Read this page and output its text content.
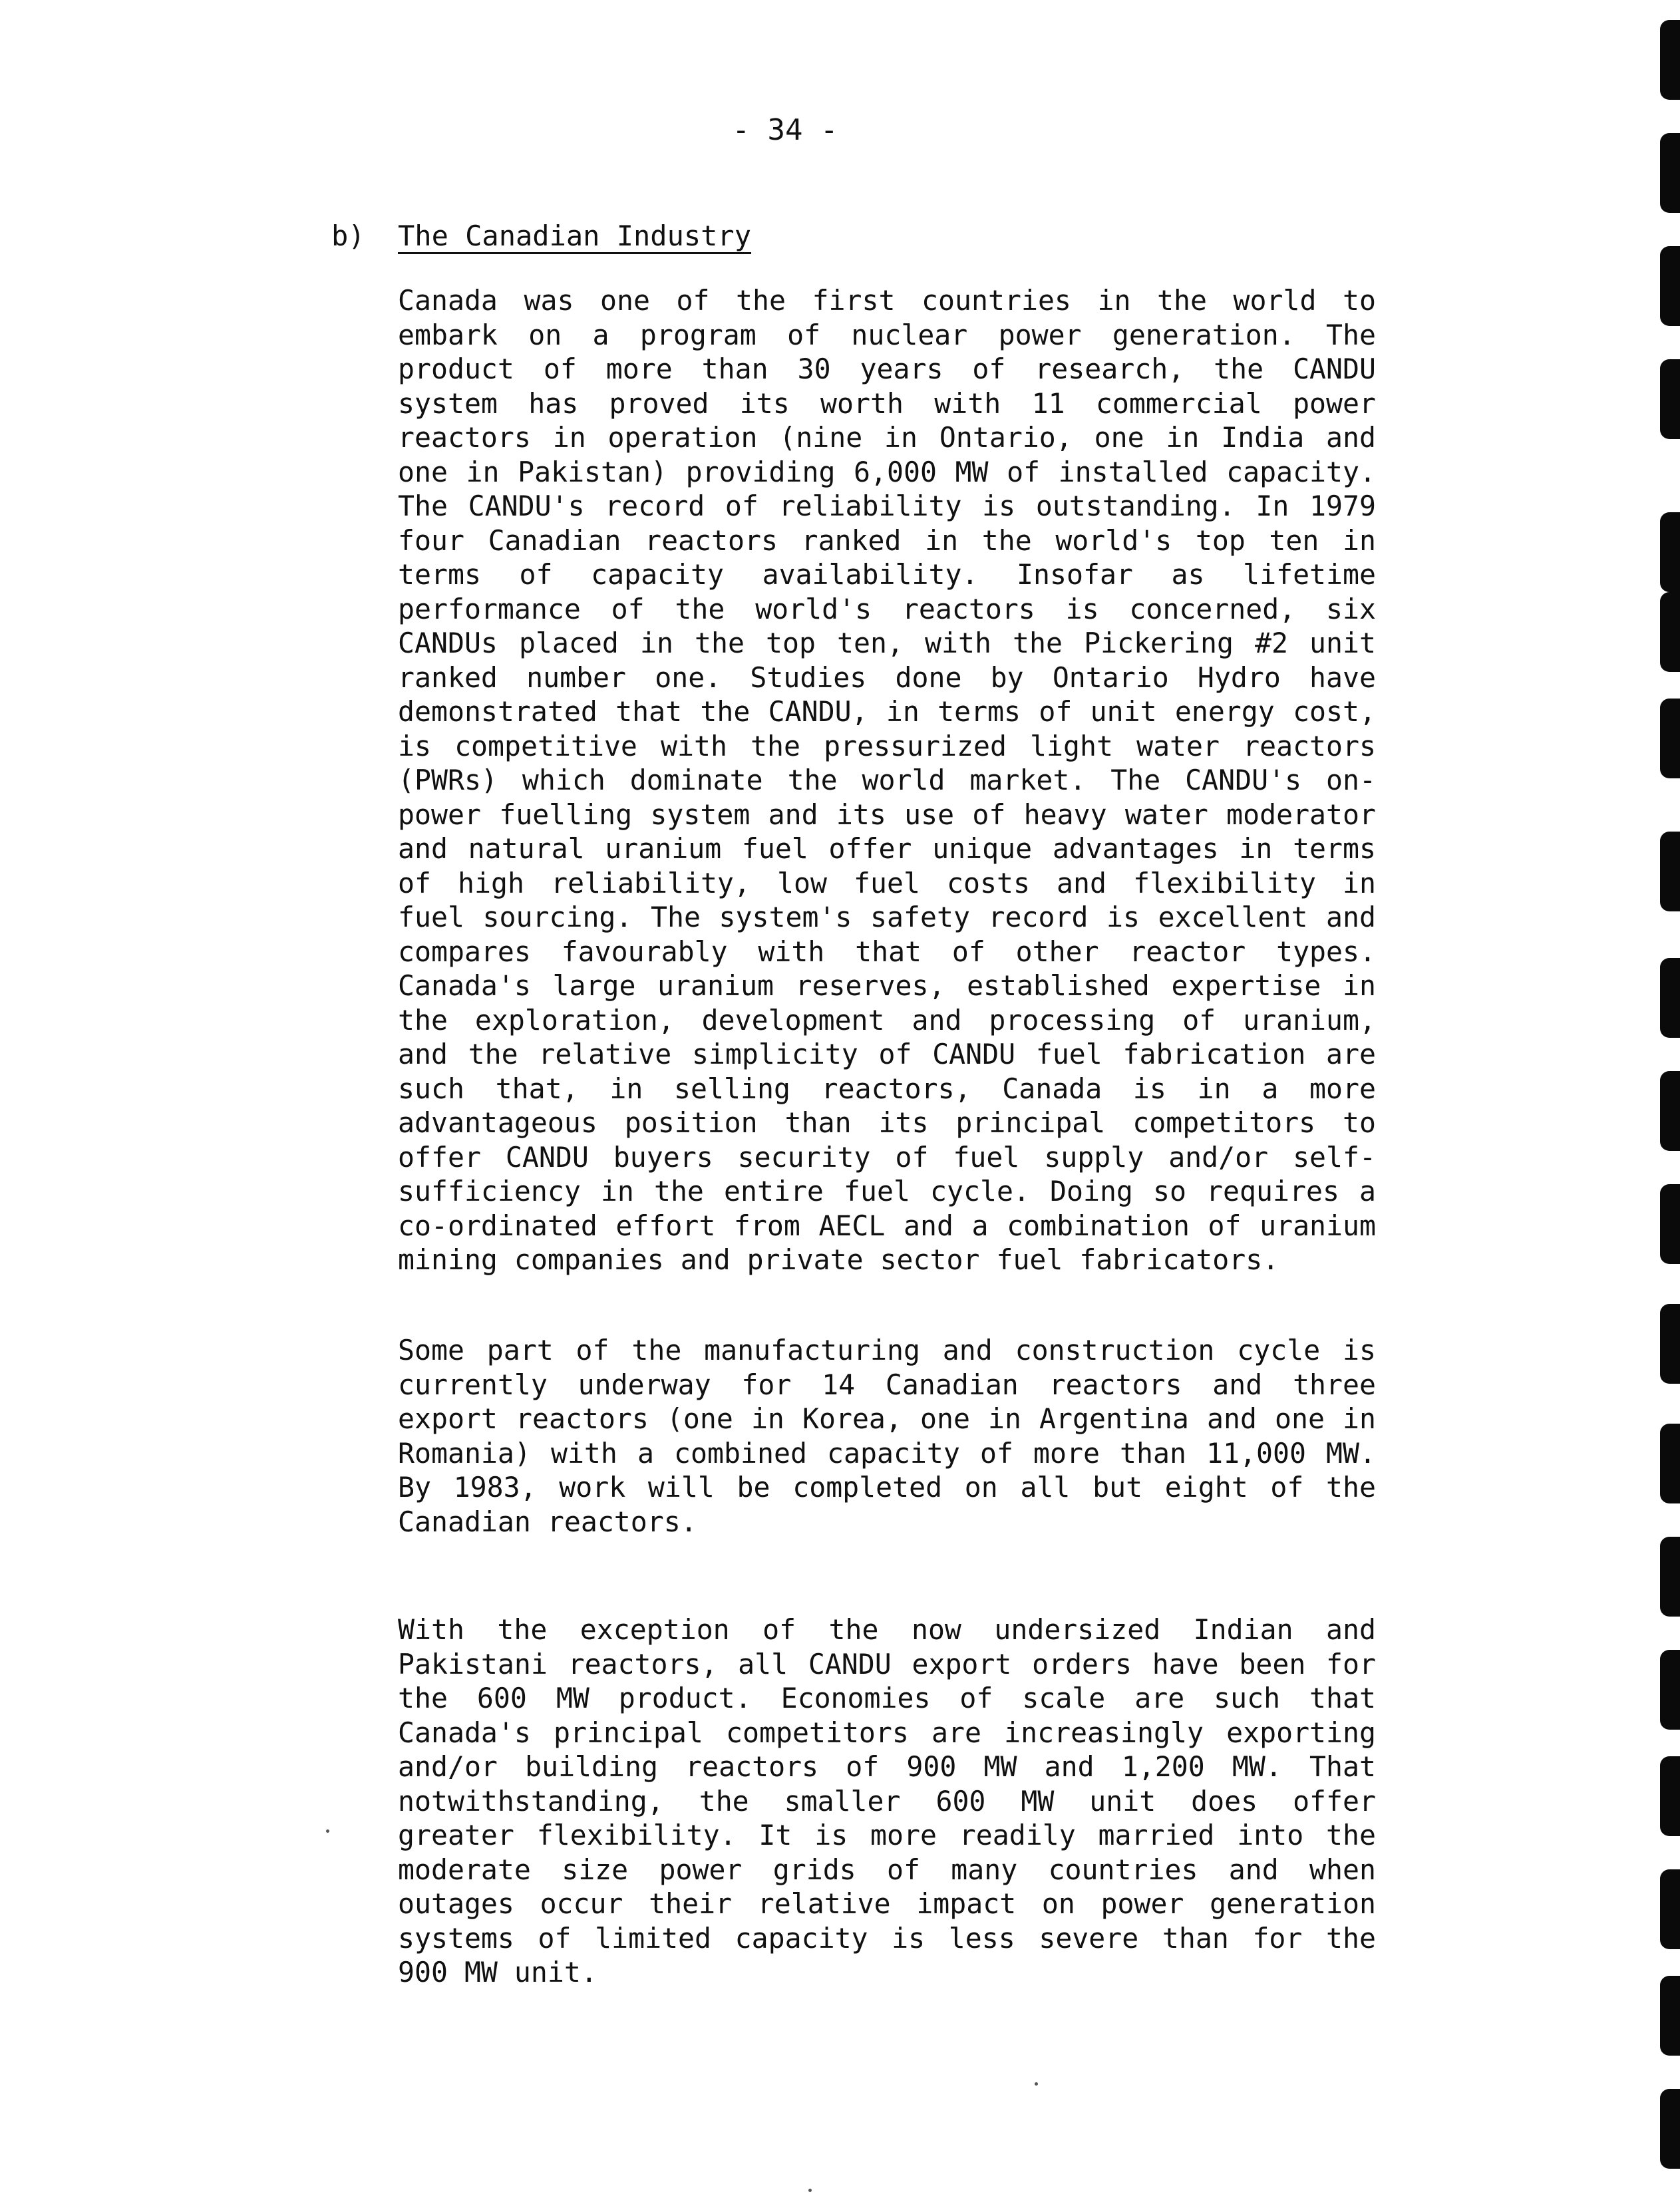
- 34 -
b) The Canadian Industry
Canada was one of the first countries in the world to embark on a program of nuclear power generation. The product of more than 30 years of research, the CANDU system has proved its worth with 11 commercial power reactors in operation (nine in Ontario, one in India and one in Pakistan) providing 6,000 MW of installed capacity. The CANDU's record of reliability is outstanding. In 1979 four Canadian reactors ranked in the world's top ten in terms of capacity availability. Insofar as lifetime performance of the world's reactors is concerned, six CANDUs placed in the top ten, with the Pickering #2 unit ranked number one. Studies done by Ontario Hydro have demonstrated that the CANDU, in terms of unit energy cost, is competitive with the pressurized light water reactors (PWRs) which dominate the world market. The CANDU's on-power fuelling system and its use of heavy water moderator and natural uranium fuel offer unique advantages in terms of high reliability, low fuel costs and flexibility in fuel sourcing. The system's safety record is excellent and compares favourably with that of other reactor types. Canada's large uranium reserves, established expertise in the exploration, development and processing of uranium, and the relative simplicity of CANDU fuel fabrication are such that, in selling reactors, Canada is in a more advantageous position than its principal competitors to offer CANDU buyers security of fuel supply and/or self-sufficiency in the entire fuel cycle. Doing so requires a co-ordinated effort from AECL and a combination of uranium mining companies and private sector fuel fabricators.
Some part of the manufacturing and construction cycle is currently underway for 14 Canadian reactors and three export reactors (one in Korea, one in Argentina and one in Romania) with a combined capacity of more than 11,000 MW. By 1983, work will be completed on all but eight of the Canadian reactors.
With the exception of the now undersized Indian and Pakistani reactors, all CANDU export orders have been for the 600 MW product. Economies of scale are such that Canada's principal competitors are increasingly exporting and/or building reactors of 900 MW and 1,200 MW. That notwithstanding, the smaller 600 MW unit does offer greater flexibility. It is more readily married into the moderate size power grids of many countries and when outages occur their relative impact on power generation systems of limited capacity is less severe than for the 900 MW unit.
